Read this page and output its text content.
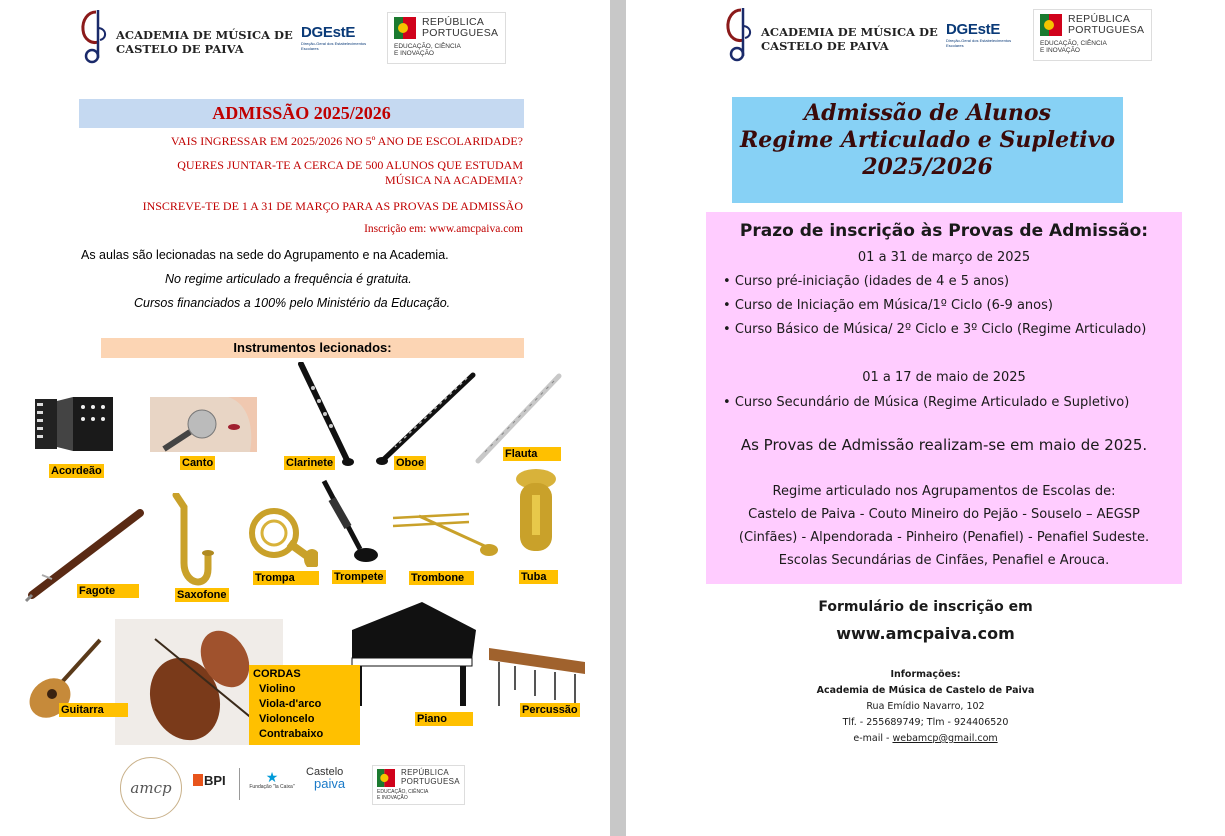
ACADEMIA DE MÚSICA DE
CASTELO DE PAIVA
DGEstE
Direção-Geral dos Estabelecimentos Escolares
REPÚBLICA
PORTUGUESA
EDUCAÇÃO, CIÊNCIA
E INOVAÇÃO
ADMISSÃO 2025/2026
VAIS INGRESSAR EM 2025/2026 NO 5º ANO DE ESCOLARIDADE?
QUERES JUNTAR-TE A CERCA DE 500 ALUNOS QUE ESTUDAM
MÚSICA NA ACADEMIA?
INSCREVE-TE DE 1 A 31 DE MARÇO PARA AS PROVAS DE ADMISSÃO
Inscrição em: www.amcpaiva.com
As aulas são lecionadas na sede do Agrupamento e na Academia.
No regime articulado a frequência é gratuita.
Cursos financiados a 100% pelo Ministério da Educação.
Instrumentos lecionados:
Acordeão
Canto	Clarinete	Oboe
Flauta
Fagote	Saxofone
Trompa	Trompete Trombone	Tuba
Guitarra
Piano
Percussão
CORDAS
Violino
Viola-d'arco
Violoncelo
Contrabaixo
amcp	BPI	★
Fundação "la Caixa"
Castelo
paiva
REPÚBLICA
PORTUGUESA
EDUCAÇÃO, CIÊNCIA
E INOVAÇÃO
ACADEMIA DE MÚSICA DE
CASTELO DE PAIVA
DGEstE
Direção-Geral dos Estabelecimentos Escolares
REPÚBLICA
PORTUGUESA
EDUCAÇÃO, CIÊNCIA
E INOVAÇÃO
Admissão de Alunos
Regime Articulado e Supletivo
2025/2026
Prazo de inscrição às Provas de Admissão:
01 a 31 de março de 2025
• Curso pré-iniciação (idades de 4 e 5 anos)
• Curso de Iniciação em Música/1º Ciclo (6-9 anos)
• Curso Básico de Música/ 2º Ciclo e 3º Ciclo (Regime Articulado)
01 a 17 de maio de 2025
• Curso Secundário de Música (Regime Articulado e Supletivo)
As Provas de Admissão realizam-se em maio de 2025.
Regime articulado nos Agrupamentos de Escolas de:
Castelo de Paiva - Couto Mineiro do Pejão - Souselo – AEGSP
(Cinfães) - Alpendorada - Pinheiro (Penafiel) - Penafiel Sudeste.
Escolas Secundárias de Cinfães, Penafiel e Arouca.
Formulário de inscrição em
www.amcpaiva.com
Informações:
Academia de Música de Castelo de Paiva
Rua Emídio Navarro, 102
Tlf. - 255689749; Tlm - 924406520
e-mail - webamcp@gmail.com
